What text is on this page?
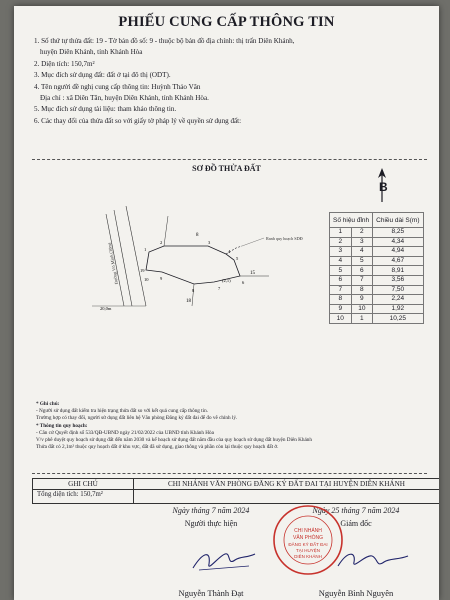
PHIẾU CUNG CẤP THÔNG TIN
1. Số thứ tự thửa đất: 19 - Tờ bản đồ số: 9 - thuộc bộ bản đồ địa chính: thị trấn Diên Khánh,
huyện Diên Khánh, tỉnh Khánh Hòa
2. Diện tích: 150,7m²
3. Mục đích sử dụng đất: đất ở tại đô thị (ODT).
4. Tên người đề nghị cung cấp thông tin: Huỳnh Thảo Vân
Địa chỉ : xã Diên Tân, huyện Diên Khánh, tỉnh Khánh Hòa.
5. Mục đích sử dụng tài liệu: tham khảo thông tin.
6. Các thay đổi của thửa đất so với giấy tờ pháp lý về quyền sử dụng đất:
SƠ ĐỒ THỬA ĐẤT
B
Đường Võ Minh (30m)
Ranh quy hoạch SDĐ
20,0m
8
15
18
(2,1)
19
10	9
8	7
6
5
4
3
2
1
Số hiệu đỉnh		Chiều dài S(m)
1	2	8,25
2	3	4,34
3	4	4,94
4	5	4,67
5	6	8,91
6	7	3,56
7	8	7,50
8	9	2,24
9	10	1,92
10	1	10,25
* Ghi chú:
- Người sử dụng đất kiểm tra hiện trạng thửa đất so với kết quả cung cấp thông tin.
Trường hợp có thay đổi, người sử dụng đất liên hệ Văn phòng Đăng ký đất đai để đo vẽ chỉnh lý.
* Thông tin quy hoạch:
- Căn cứ Quyết định số 533/QĐ-UBND ngày 21/02/2022 của UBND tỉnh Khánh Hòa
V/v phê duyệt quy hoạch sử dụng đất đến năm 2030 và kế hoạch sử dụng đất năm đầu của quy hoạch sử dụng đất huyện Diên Khánh
Thửa đất có 2,1m² thuộc quy hoạch đất ở khu vực, đất đã sử dụng, giao thông và phần còn lại thuộc quy hoạch đất ở.
GHI CHÚ	CHI NHÁNH VĂN PHÒNG ĐĂNG KÝ ĐẤT ĐAI TẠI HUYỆN DIÊN KHÁNH
Tổng diện tích: 150,7m²
Ngày tháng 7 năm 2024
Người thực hiện
Ngày 25 tháng 7 năm 2024
Giám đốc
CHI NHÁNH
VĂN PHÒNG
ĐĂNG KÝ ĐẤT ĐAI
TẠI HUYỆN
DIÊN KHÁNH
Nguyễn Thành Đạt	Nguyễn Bình Nguyên
